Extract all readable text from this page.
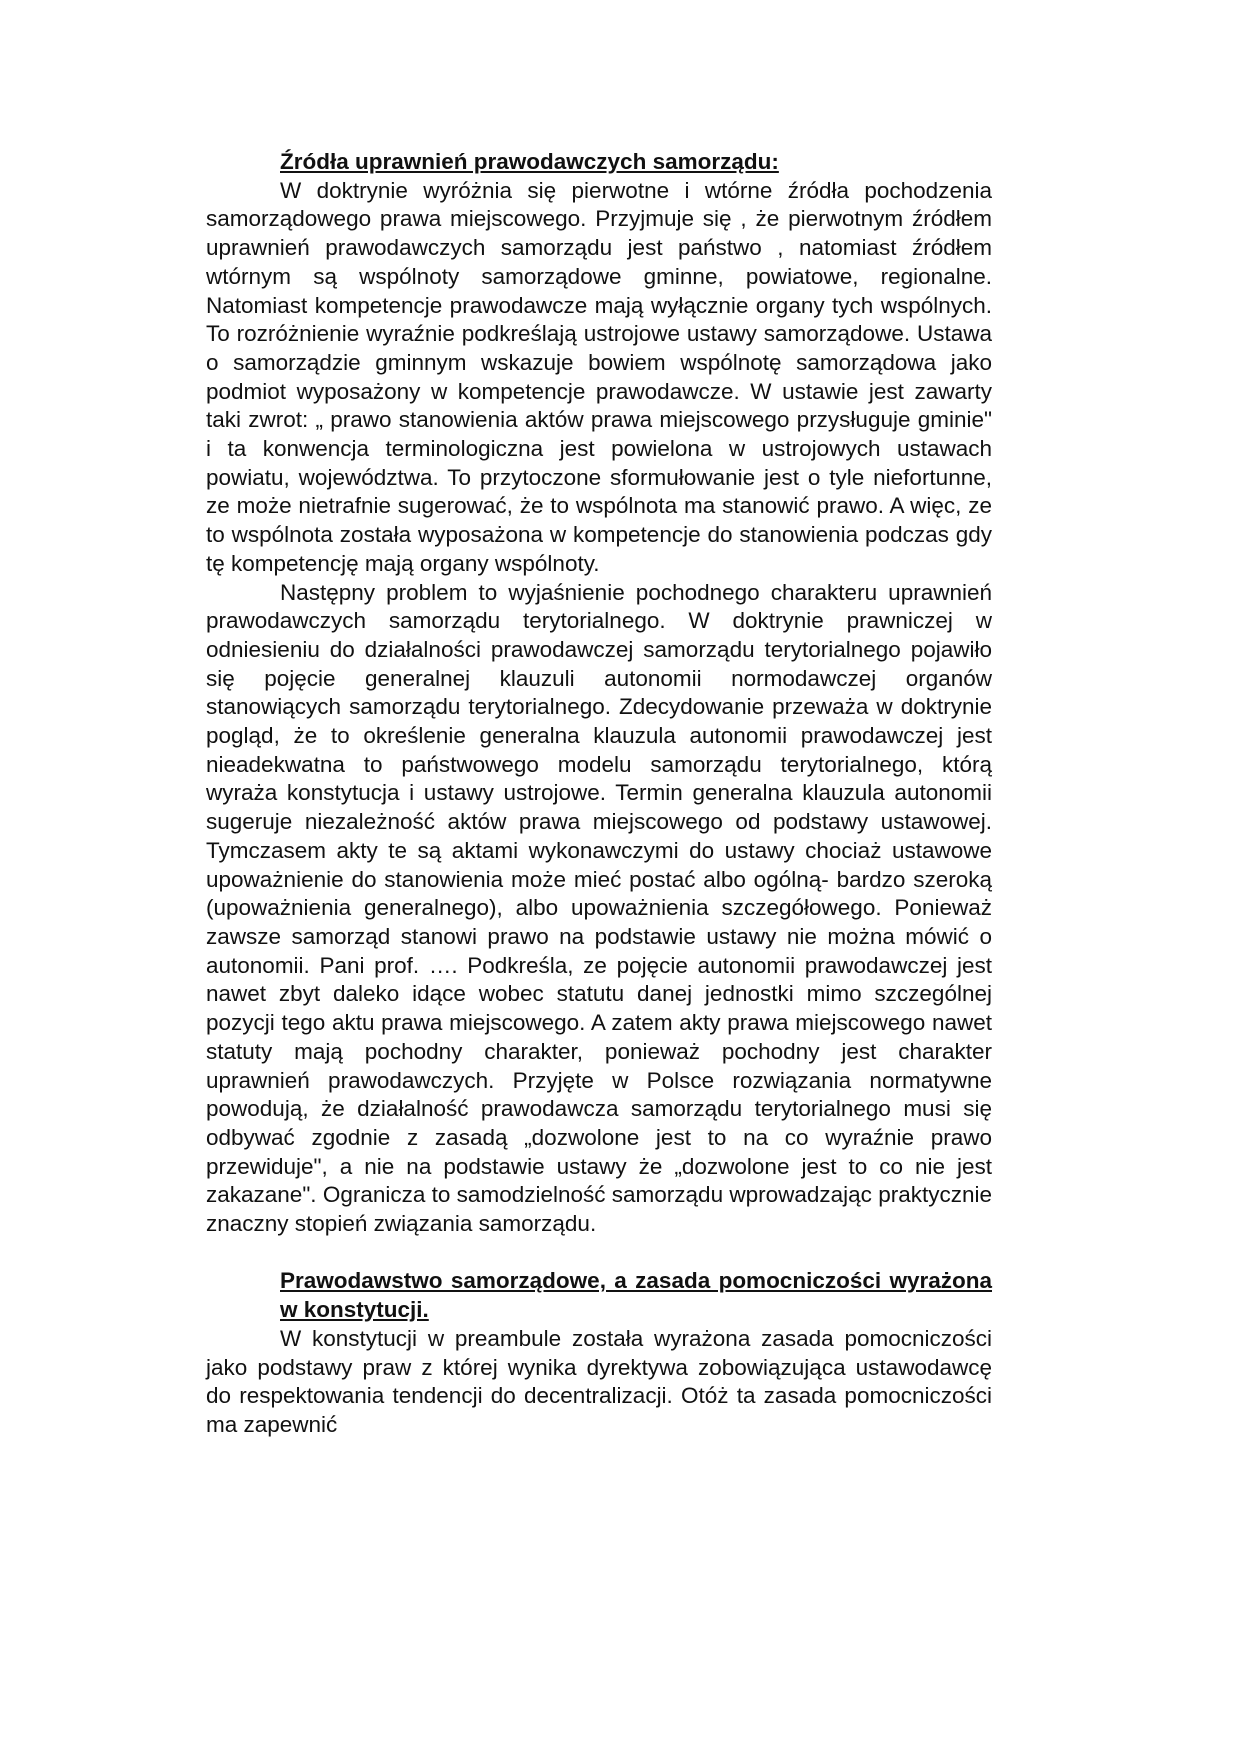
Źródła uprawnień prawodawczych samorządu:

W doktrynie wyróżnia się pierwotne i wtórne źródła pochodzenia samorządowego prawa miejscowego. Przyjmuje się , że pierwotnym źródłem uprawnień prawodawczych samorządu jest państwo , natomiast źródłem wtórnym są wspólnoty samorządowe gminne, powiatowe, regionalne. Natomiast kompetencje prawodawcze mają wyłącznie organy tych wspólnych. To rozróżnienie wyraźnie podkreślają ustrojowe ustawy samorządowe. Ustawa o samorządzie gminnym wskazuje bowiem wspólnotę samorządowa jako podmiot wyposażony w kompetencje prawodawcze. W ustawie jest zawarty taki zwrot: „ prawo stanowienia aktów prawa miejscowego przysługuje gminie" i ta konwencja terminologiczna jest powielona w ustrojowych ustawach powiatu, województwa. To przytoczone sformułowanie jest o tyle niefortunne, ze może nietrafnie sugerować, że to wspólnota ma stanowić prawo. A więc, ze to wspólnota została wyposażona w kompetencje do stanowienia podczas gdy tę kompetencję mają organy wspólnoty.

Następny problem to wyjaśnienie pochodnego charakteru uprawnień prawodawczych samorządu terytorialnego. W doktrynie prawniczej w odniesieniu do działalności prawodawczej samorządu terytorialnego pojawiło się pojęcie generalnej klauzuli autonomii normodawczej organów stanowiących samorządu terytorialnego. Zdecydowanie przeważa w doktrynie pogląd, że to określenie generalna klauzula autonomii prawodawczej jest nieadekwatna to państwowego modelu samorządu terytorialnego, którą wyraża konstytucja i ustawy ustrojowe. Termin generalna klauzula autonomii sugeruje niezależność aktów prawa miejscowego od podstawy ustawowej. Tymczasem akty te są aktami wykonawczymi do ustawy chociaż ustawowe upoważnienie do stanowienia może mieć postać albo ogólną- bardzo szeroką (upoważnienia generalnego), albo upoważnienia szczegółowego. Ponieważ zawsze samorząd stanowi prawo na podstawie ustawy nie można mówić o autonomii. Pani prof. …. Podkreśla, ze pojęcie autonomii prawodawczej jest nawet zbyt daleko idące wobec statutu danej jednostki mimo szczególnej pozycji tego aktu prawa miejscowego. A zatem akty prawa miejscowego nawet statuty mają pochodny charakter, ponieważ pochodny jest charakter uprawnień prawodawczych. Przyjęte w Polsce rozwiązania normatywne powodują, że działalność prawodawcza samorządu terytorialnego musi się odbywać zgodnie z zasadą „dozwolone jest to na co wyraźnie prawo przewiduje", a nie na podstawie ustawy że „dozwolone jest to co nie jest zakazane". Ogranicza to samodzielność samorządu wprowadzając praktycznie znaczny stopień związania samorządu.

Prawodawstwo samorządowe, a zasada pomocniczości wyrażona w konstytucji.

W konstytucji w preambule została wyrażona zasada pomocniczości jako podstawy praw z której wynika dyrektywa zobowiązująca ustawodawcę do respektowania tendencji do decentralizacji. Otóż ta zasada pomocniczości ma zapewnić
